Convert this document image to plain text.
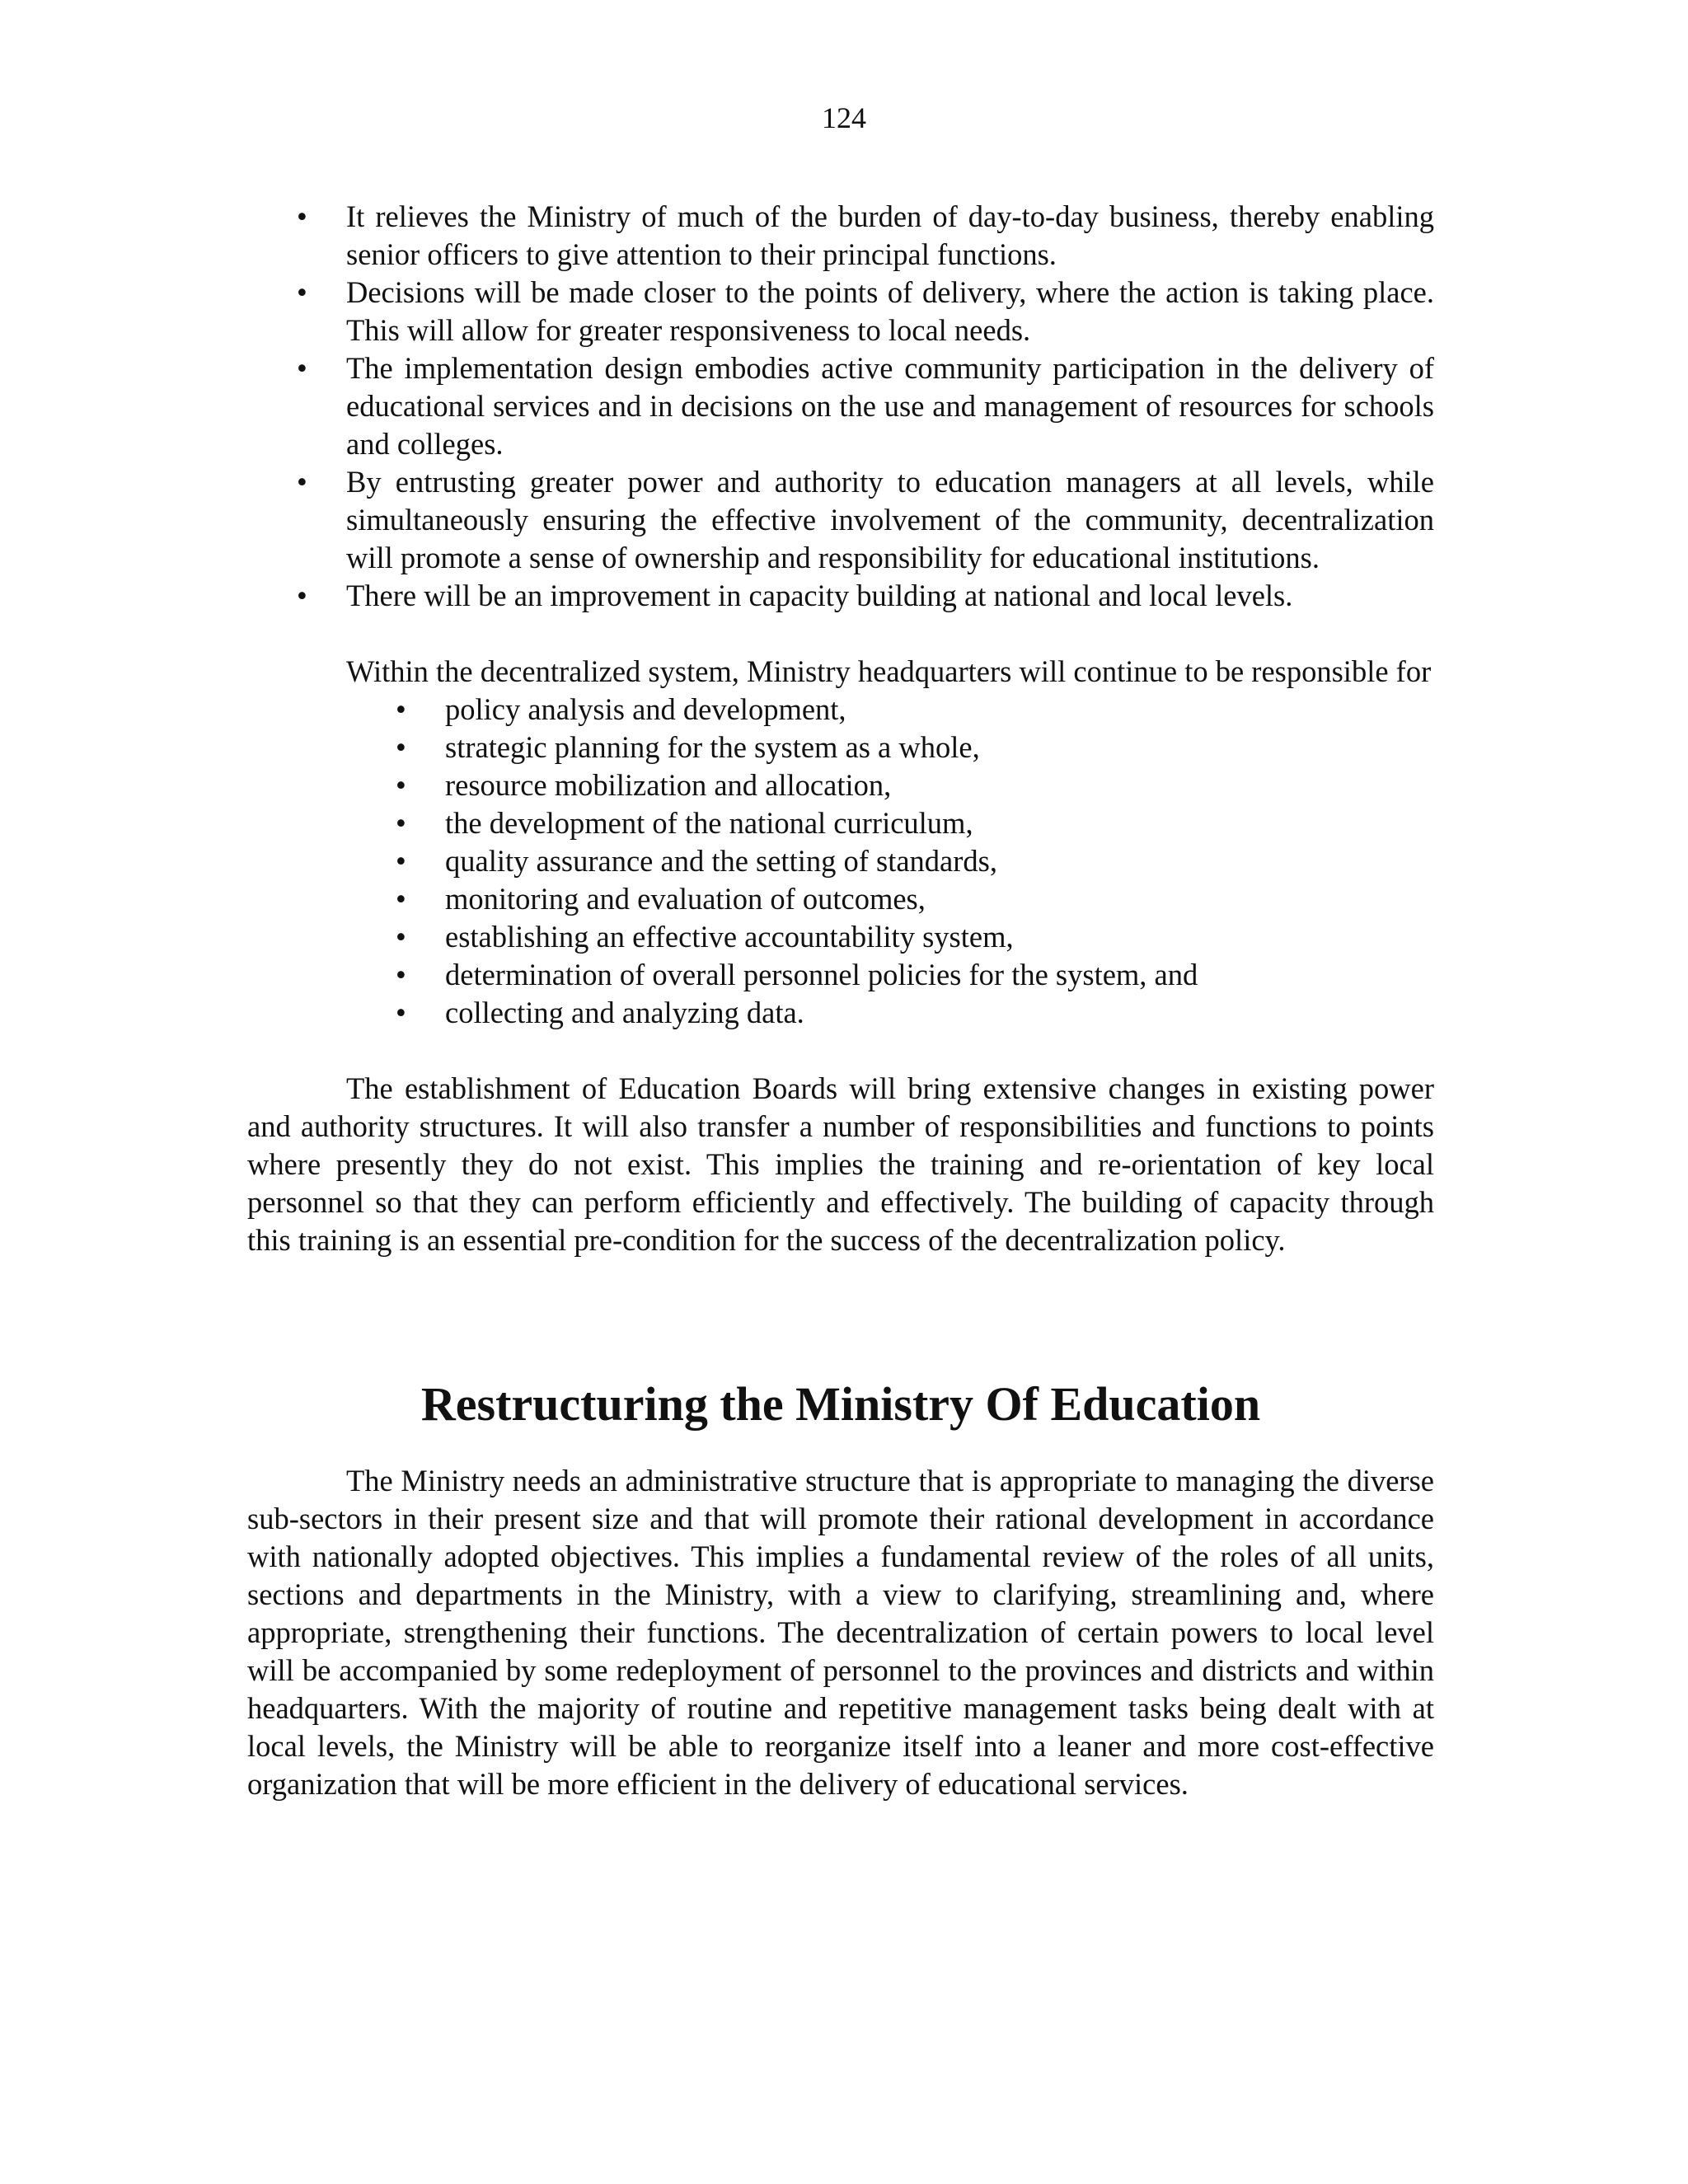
124
• It relieves the Ministry of much of the burden of day-to-day business, thereby enabling senior officers to give attention to their principal functions.
• Decisions will be made closer to the points of delivery, where the action is taking place. This will allow for greater responsiveness to local needs.
• The implementation design embodies active community participation in the delivery of educational services and in decisions on the use and management of resources for schools and colleges.
• By entrusting greater power and authority to education managers at all levels, while simultaneously ensuring the effective involvement of the community, decentralization will promote a sense of ownership and responsibility for educational institutions.
• There will be an improvement in capacity building at national and local levels.

Within the decentralized system, Ministry headquarters will continue to be responsible for

• policy analysis and development,
• strategic planning for the system as a whole,
• resource mobilization and allocation,
• the development of the national curriculum,
• quality assurance and the setting of standards,
• monitoring and evaluation of outcomes,
• establishing an effective accountability system,
• determination of overall personnel policies for the system, and
• collecting and analyzing data.

The establishment of Education Boards will bring extensive changes in existing power and authority structures. It will also transfer a number of responsibilities and functions to points where presently they do not exist. This implies the training and re-orientation of key local personnel so that they can perform efficiently and effectively. The building of capacity through this training is an essential pre-condition for the success of the decentralization policy.

Restructuring the Ministry Of Education

The Ministry needs an administrative structure that is appropriate to managing the diverse sub-sectors in their present size and that will promote their rational development in accordance with nationally adopted objectives. This implies a fundamental review of the roles of all units, sections and departments in the Ministry, with a view to clarifying, streamlining and, where appropriate, strengthening their functions. The decentralization of certain powers to local level will be accompanied by some redeployment of personnel to the provinces and districts and within headquarters. With the majority of routine and repetitive management tasks being dealt with at local levels, the Ministry will be able to reorganize itself into a leaner and more cost-effective organization that will be more efficient in the delivery of educational services.
